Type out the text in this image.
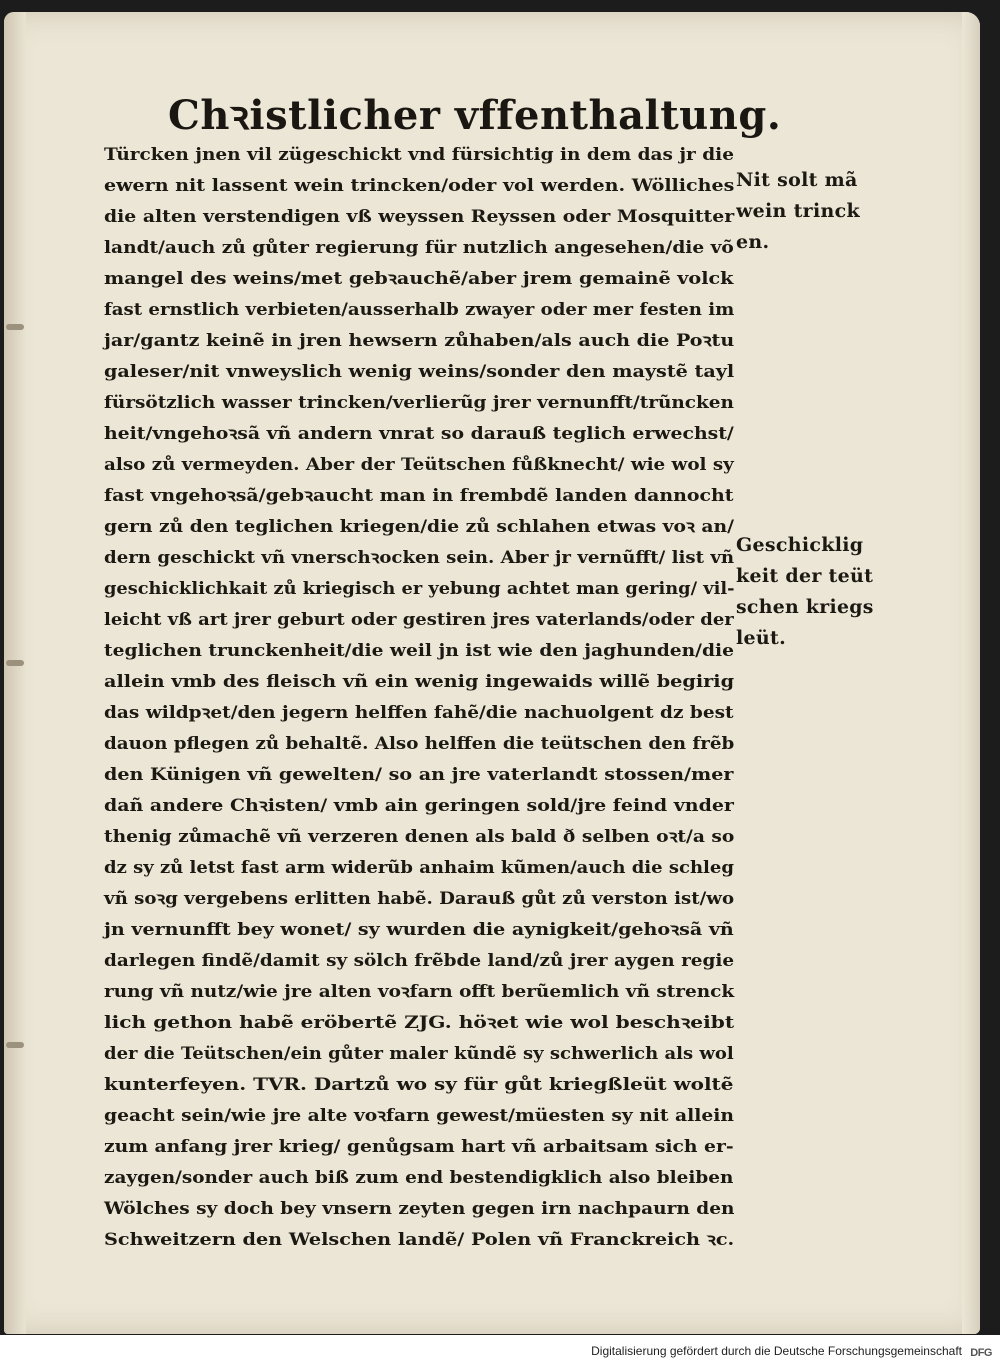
Chꝛistlicher vffenthaltung.
Türcken jnen vil zügeschickt vnd fürsichtig in dem das jr die
ewern nit lassent wein trincken/oder vol werden. Wölliches
die alten verstendigen vß weyssen Reyssen oder Mosquitter
landt/auch zů gůter regierung für nutzlich angesehen/die võ
mangel des weins/met gebꝛauchẽ/aber jrem gemainẽ volck
fast ernstlich verbieten/ausserhalb zwayer oder mer festen im
jar/gantz keinẽ in jren hewsern zůhaben/als auch die Poꝛtu
galeser/nit vnweyslich wenig weins/sonder den maystẽ tayl
fürsötzlich wasser trincken/verlierũg jrer vernunfft/trũncken
heit/vngehoꝛsã vñ andern vnrat so darauß teglich erwechst/
also zů vermeyden. Aber der Teütschen fůßknecht/ wie wol sy
fast vngehoꝛsã/gebꝛaucht man in frembdẽ landen dannocht
gern zů den teglichen kriegen/die zů schlahen etwas voꝛ an/
dern geschickt vñ vnerschꝛocken sein. Aber jr vernũfft/ list vñ
geschicklichkait zů kriegisch er yebung achtet man gering/ vil-
leicht vß art jrer geburt oder gestiren jres vaterlands/oder der
teglichen trunckenheit/die weil jn ist wie den jaghunden/die
allein vmb des fleisch vñ ein wenig ingewaids willẽ begirig
das wildpꝛet/den jegern helffen fahẽ/die nachuolgent dz best
dauon pflegen zů behaltẽ. Also helffen die teütschen den frẽb
den Künigen vñ gewelten/ so an jre vaterlandt stossen/mer
dañ andere Chꝛisten/ vmb ain geringen sold/jre feind vnder
thenig zůmachẽ vñ verzeren denen als bald ð selben oꝛt/a so
dz sy zů letst fast arm widerũb anhaim kũmen/auch die schleg
vñ soꝛg vergebens erlitten habẽ. Darauß gůt zů verston ist/wo
jn vernunfft bey wonet/ sy wurden die aynigkeit/gehoꝛsã vñ
darlegen findẽ/damit sy sölch frẽbde land/zů jrer aygen regie
rung vñ nutz/wie jre alten voꝛfarn offt berũemlich vñ strenck
lich gethon habẽ eröbertẽ ZJG. höꝛet wie wol beschꝛeibt
der die Teütschen/ein gůter maler kũndẽ sy schwerlich als wol
kunterfeyen. TVR. Dartzů wo sy für gůt kriegßleüt woltẽ
geacht sein/wie jre alte voꝛfarn gewest/müesten sy nit allein
zum anfang jrer krieg/ genůgsam hart vñ arbaitsam sich er-
zaygen/sonder auch biß zum end bestendigklich also bleiben
Wölches sy doch bey vnsern zeyten gegen irn nachpaurn den
Schweitzern den Welschen landẽ/ Polen vñ Franckreich ꝛc.
Nit solt mã
wein trinck
en.
Geschicklig
keit der teüt
schen kriegs
leüt.
Digitalisierung gefördert durch die Deutsche Forschungsgemeinschaft DFG
